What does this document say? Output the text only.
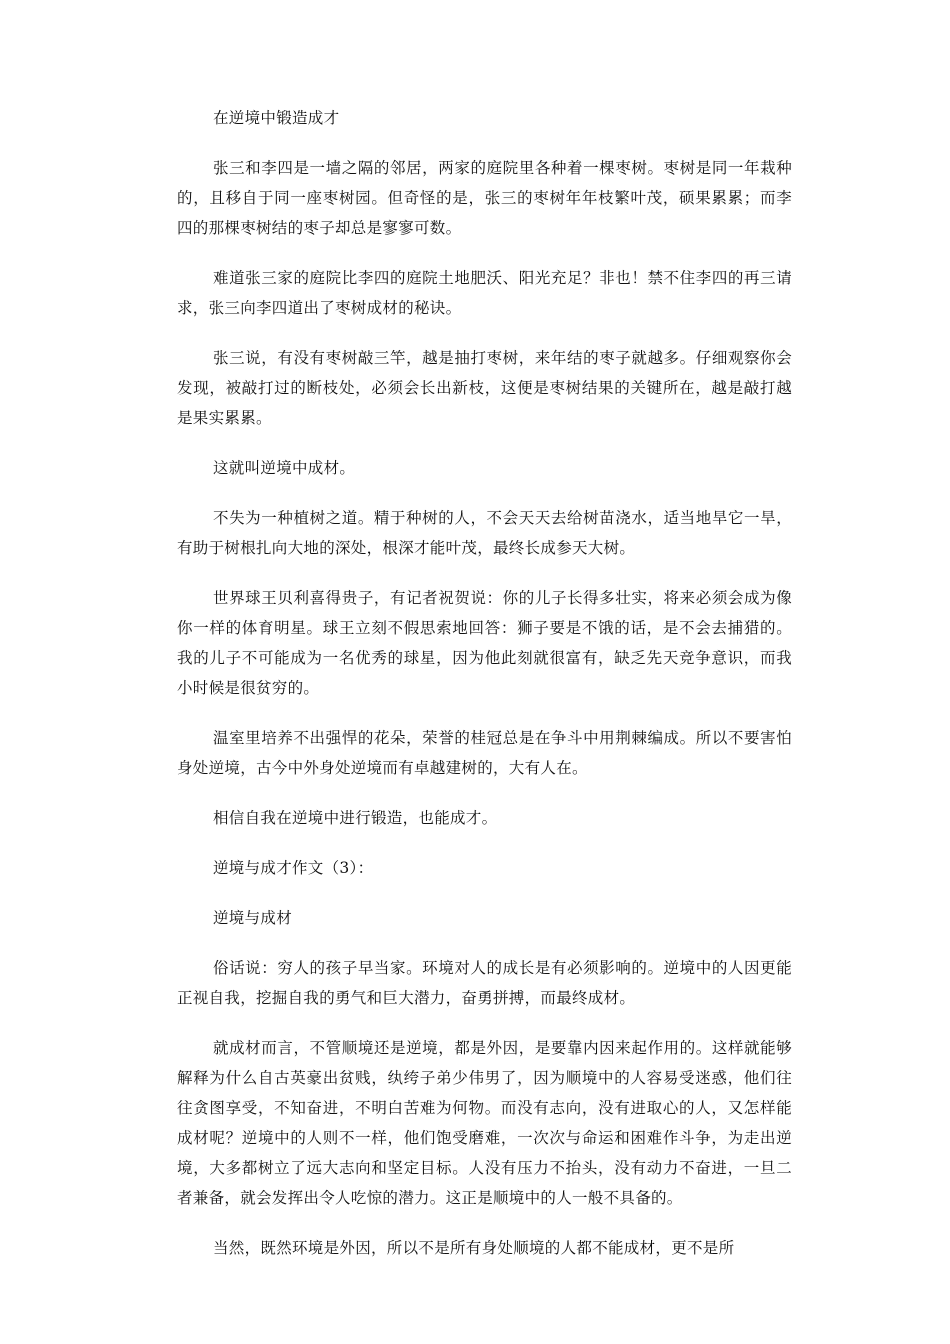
在逆境中锻造成才

张三和李四是一墙之隔的邻居，两家的庭院里各种着一棵枣树。枣树是同一年栽种的，且移自于同一座枣树园。但奇怪的是，张三的枣树年年枝繁叶茂，硕果累累；而李四的那棵枣树结的枣子却总是寥寥可数。

难道张三家的庭院比李四的庭院土地肥沃、阳光充足？非也！禁不住李四的再三请求，张三向李四道出了枣树成材的秘诀。

张三说，有没有枣树敲三竿，越是抽打枣树，来年结的枣子就越多。仔细观察你会发现，被敲打过的断枝处，必须会长出新枝，这便是枣树结果的关键所在，越是敲打越是果实累累。

这就叫逆境中成材。

不失为一种植树之道。精于种树的人，不会天天去给树苗浇水，适当地旱它一旱，有助于树根扎向大地的深处，根深才能叶茂，最终长成参天大树。

世界球王贝利喜得贵子，有记者祝贺说：你的儿子长得多壮实，将来必须会成为像你一样的体育明星。球王立刻不假思索地回答：狮子要是不饿的话，是不会去捕猎的。我的儿子不可能成为一名优秀的球星，因为他此刻就很富有，缺乏先天竞争意识，而我小时候是很贫穷的。

温室里培养不出强悍的花朵，荣誉的桂冠总是在争斗中用荆棘编成。所以不要害怕身处逆境，古今中外身处逆境而有卓越建树的，大有人在。

相信自我在逆境中进行锻造，也能成才。

逆境与成才作文（3）：

逆境与成材

俗话说：穷人的孩子早当家。环境对人的成长是有必须影响的。逆境中的人因更能正视自我，挖掘自我的勇气和巨大潜力，奋勇拼搏，而最终成材。

就成材而言，不管顺境还是逆境，都是外因，是要靠内因来起作用的。这样就能够解释为什么自古英豪出贫贱，纨绔子弟少伟男了，因为顺境中的人容易受迷惑，他们往往贪图享受，不知奋进，不明白苦难为何物。而没有志向，没有进取心的人，又怎样能成材呢？逆境中的人则不一样，他们饱受磨难，一次次与命运和困难作斗争，为走出逆境，大多都树立了远大志向和坚定目标。人没有压力不抬头，没有动力不奋进，一旦二者兼备，就会发挥出令人吃惊的潜力。这正是顺境中的人一般不具备的。

当然，既然环境是外因，所以不是所有身处顺境的人都不能成材，更不是所
